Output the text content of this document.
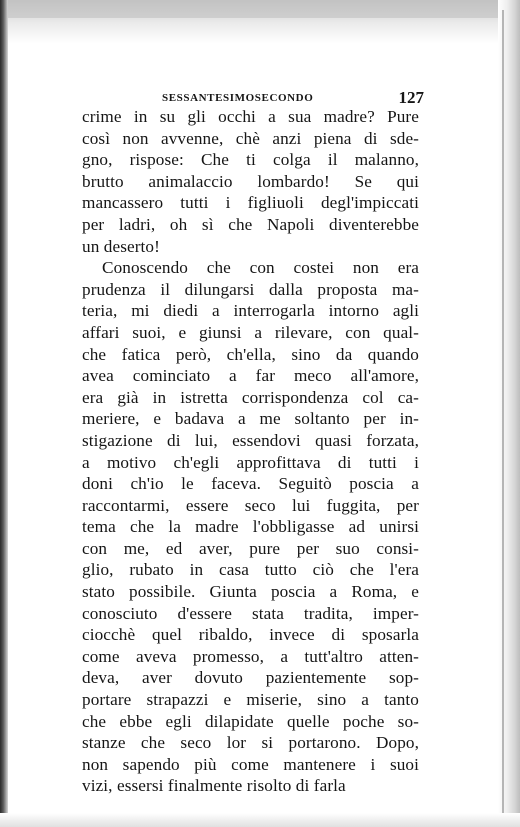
SESSANTESIMOSECONDO	127
crime in su gli occhi a sua madre? Pure
così non avvenne, chè anzi piena di sde-
gno, rispose: Che ti colga il malanno,
brutto animalaccio lombardo! Se qui
mancassero tutti i figliuoli degl'impiccati
per ladri, oh sì che Napoli diventerebbe
un deserto!
Conoscendo che con costei non era
prudenza il dilungarsi dalla proposta ma-
teria, mi diedi a interrogarla intorno agli
affari suoi, e giunsi a rilevare, con qual-
che fatica però, ch'ella, sino da quando
avea cominciato a far meco all'amore,
era già in istretta corrispondenza col ca-
meriere, e badava a me soltanto per in-
stigazione di lui, essendovi quasi forzata,
a motivo ch'egli approfittava di tutti i
doni ch'io le faceva. Seguitò poscia a
raccontarmi, essere seco lui fuggita, per
tema che la madre l'obbligasse ad unirsi
con me, ed aver, pure per suo consi-
glio, rubato in casa tutto ciò che l'era
stato possibile. Giunta poscia a Roma, e
conosciuto d'essere stata tradita, imper-
ciocchè quel ribaldo, invece di sposarla
come aveva promesso, a tutt'altro atten-
deva, aver dovuto pazientemente sop-
portare strapazzi e miserie, sino a tanto
che ebbe egli dilapidate quelle poche so-
stanze che seco lor si portarono. Dopo,
non sapendo più come mantenere i suoi
vizi, essersi finalmente risolto di farla
